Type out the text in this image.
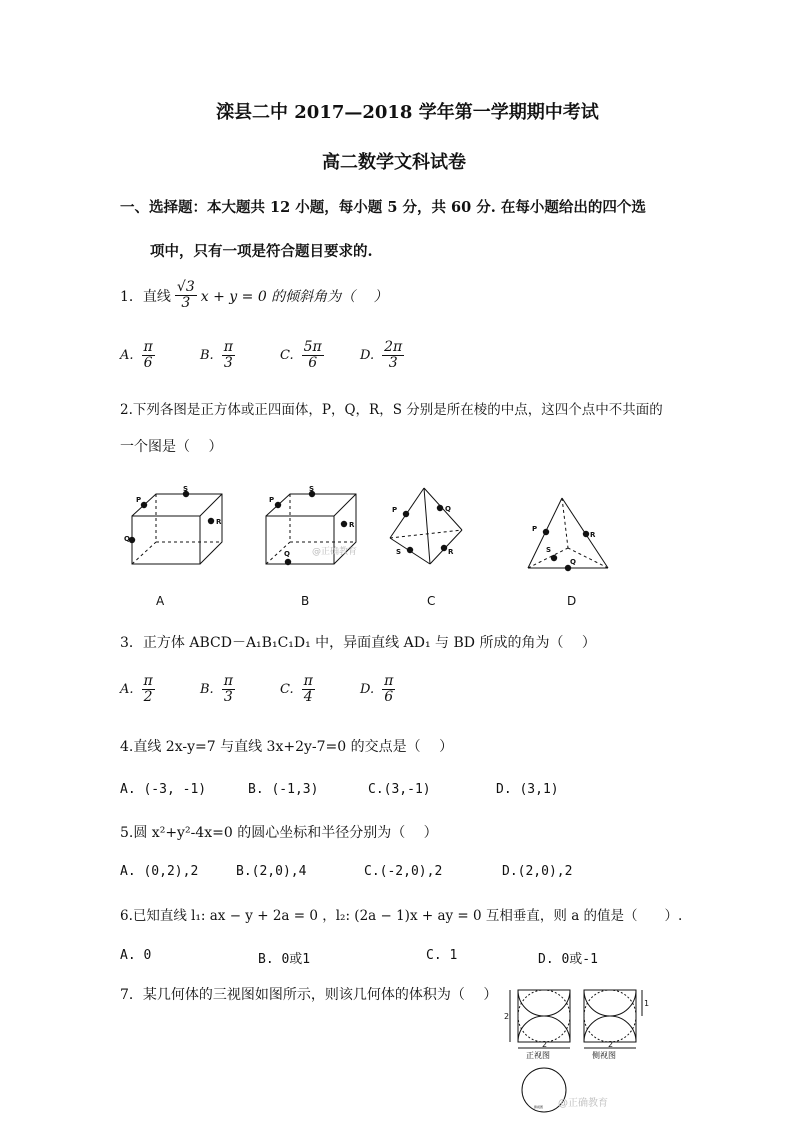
滦县二中 2017—2018 学年第一学期期中考试
高二数学文科试卷
一、选择题：本大题共 12 小题，每小题 5 分，共 60 分. 在每小题给出的四个选
项中，只有一项是符合题目要求的.
1．直线 $\frac{√3}{3}$ x + y = 0 的倾斜角为（　 ）
A. $\frac{\pi}{6}$	B. $\frac{\pi}{3}$	C. $\frac{5\pi}{6}$	D. $\frac{2\pi}{3}$
2.下列各图是正方体或正四面体，P，Q，R，S 分别是所在棱的中点，这四个点中不共面的
一个图是（　 ）
P
S
R
Q
P
S
R
Q @正确教育
P	Q
S	R
P
R
S
Q
A	B	C	D
3．正方体 ABCD－A₁B₁C₁D₁ 中，异面直线 AD₁ 与 BD 所成的角为（　 ）
A. $\frac{\pi}{2}$	B. $\frac{\pi}{3}$	C. $\frac{\pi}{4}$	D. $\frac{\pi}{6}$
4.直线 2x-y=7 与直线 3x+2y-7=0 的交点是（　 ）
A. (-3, -1)	B. (-1,3)	C.(3,-1)	D. (3,1)
5.圆 x²+y²-4x=0 的圆心坐标和半径分别为（　 ）
A. (0,2),2	B.(2,0),4	C.(-2,0),2	D.(2,0),2
6.已知直线 l₁: ax − y + 2a = 0 ，l₂: (2a − 1)x + ay = 0 互相垂直，则 a 的值是（　　）.
A. 0	B. 0或1	C. 1	D. 0或-1
7．某几何体的三视图如图所示，则该几何体的体积为（　 ）
2
2	2
1
正视图	侧视图
俯视图 @正确教育
